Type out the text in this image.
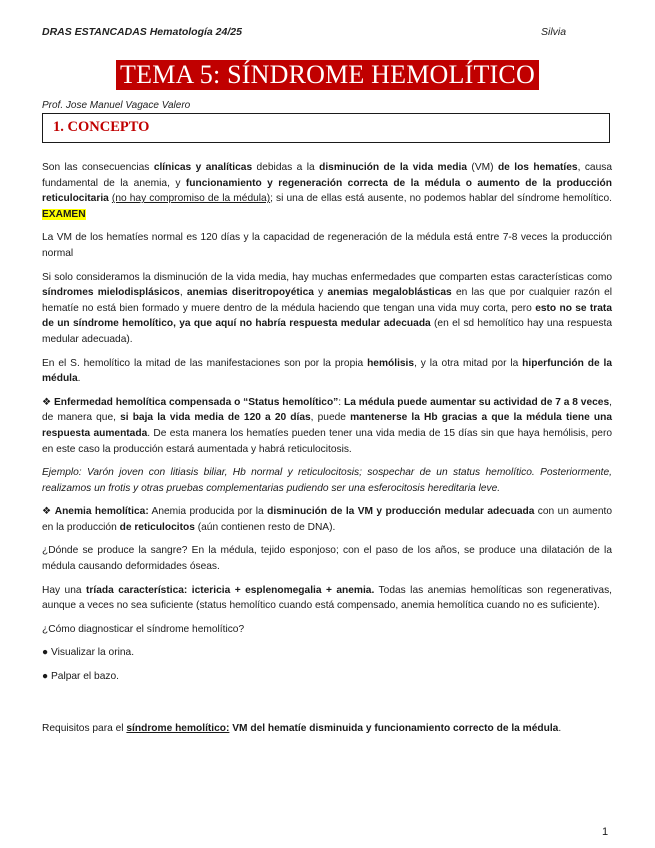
DRAS ESTANCADAS Hematología 24/25	Silvia
TEMA 5: SÍNDROME HEMOLÍTICO
Prof. Jose Manuel Vagace Valero
1. CONCEPTO

Son las consecuencias clínicas y analíticas debidas a la disminución de la vida media (VM) de los hematíes, causa fundamental de la anemia, y funcionamiento y regeneración correcta de la médula o aumento de la producción reticulocitaria (no hay compromiso de la médula); si una de ellas está ausente, no podemos hablar del síndrome hemolítico. EXAMEN

La VM de los hematíes normal es 120 días y la capacidad de regeneración de la médula está entre 7-8 veces la producción normal

Si solo consideramos la disminución de la vida media, hay muchas enfermedades que comparten estas características como síndromes mielodisplásicos, anemias diseritropoyética y anemias megaloblásticas en las que por cualquier razón el hematíe no está bien formado y muere dentro de la médula haciendo que tengan una vida muy corta, pero esto no se trata de un síndrome hemolítico, ya que aquí no habría respuesta medular adecuada (en el sd hemolítico hay una respuesta medular adecuada).

En el S. hemolítico la mitad de las manifestaciones son por la propia hemólisis, y la otra mitad por la hiperfunción de la médula.

❖ Enfermedad hemolítica compensada o “Status hemolítico”: La médula puede aumentar su actividad de 7 a 8 veces, de manera que, si baja la vida media de 120 a 20 días, puede mantenerse la Hb gracias a que la médula tiene una respuesta aumentada. De esta manera los hematíes pueden tener una vida media de 15 días sin que haya hemólisis, pero en este caso la producción estará aumentada y habrá reticulocitosis.

Ejemplo: Varón joven con litiasis biliar, Hb normal y reticulocitosis; sospechar de un status hemolítico. Posteriormente, realizamos un frotis y otras pruebas complementarias pudiendo ser una esferocitosis hereditaria leve.

❖ Anemia hemolítica: Anemia producida por la disminución de la VM y producción medular adecuada con un aumento en la producción de reticulocitos (aún contienen resto de DNA).

¿Dónde se produce la sangre? En la médula, tejido esponjoso; con el paso de los años, se produce una dilatación de la médula causando deformidades óseas.

Hay una tríada característica: ictericia + esplenomegalia + anemia. Todas las anemias hemolíticas son regenerativas, aunque a veces no sea suficiente (status hemolítico cuando está compensado, anemia hemolítica cuando no es suficiente).

¿Cómo diagnosticar el síndrome hemolítico?

● Visualizar la orina.

● Palpar el bazo.

Requisitos para el síndrome hemolítico: VM del hematíe disminuida y funcionamiento correcto de la médula.

1
